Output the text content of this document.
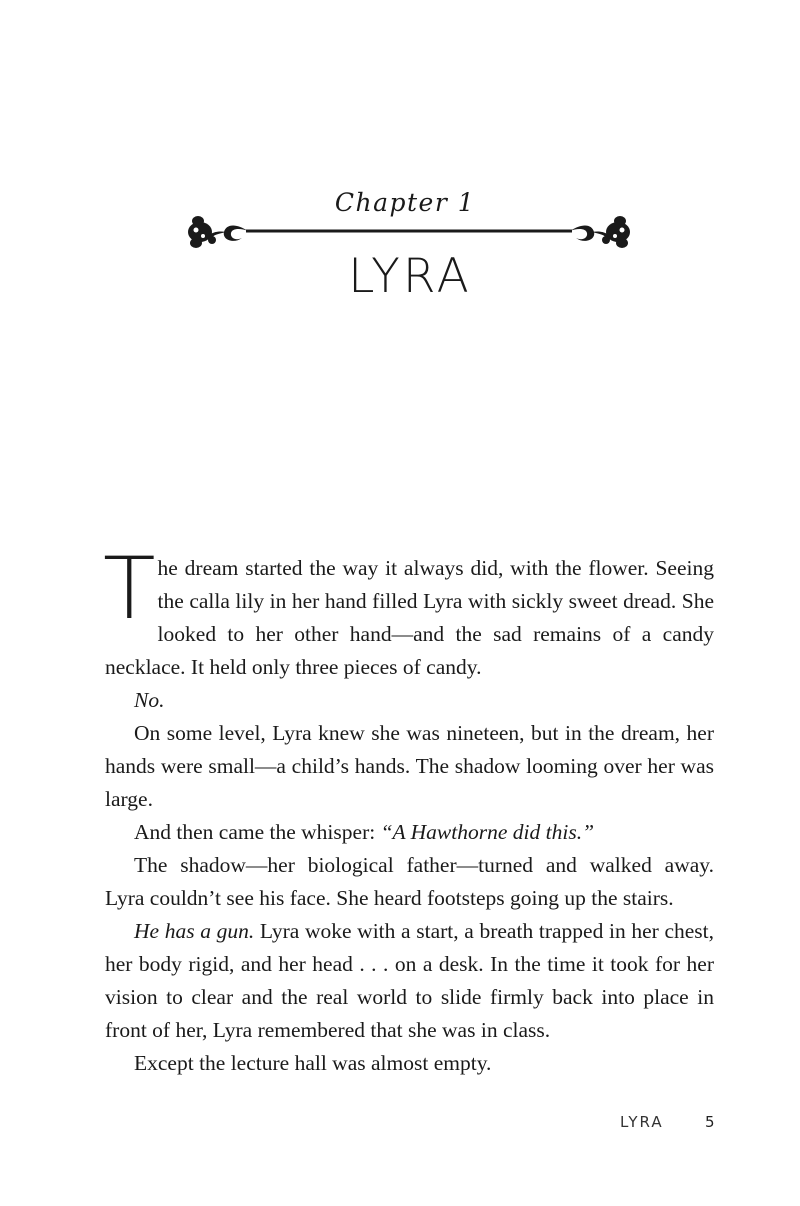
Chapter 1
LYRA

The dream started the way it always did, with the flower. Seeing the calla lily in her hand filled Lyra with sickly sweet dread. She looked to her other hand—and the sad remains of a candy necklace. It held only three pieces of candy.

No.

On some level, Lyra knew she was nineteen, but in the dream, her hands were small—a child’s hands. The shadow looming over her was large.

And then came the whisper: “A Hawthorne did this.”

The shadow—her biological father—turned and walked away. Lyra couldn’t see his face. She heard footsteps going up the stairs.

He has a gun. Lyra woke with a start, a breath trapped in her chest, her body rigid, and her head . . . on a desk. In the time it took for her vision to clear and the real world to slide firmly back into place in front of her, Lyra remembered that she was in class.

Except the lecture hall was almost empty.

LYRA	5
